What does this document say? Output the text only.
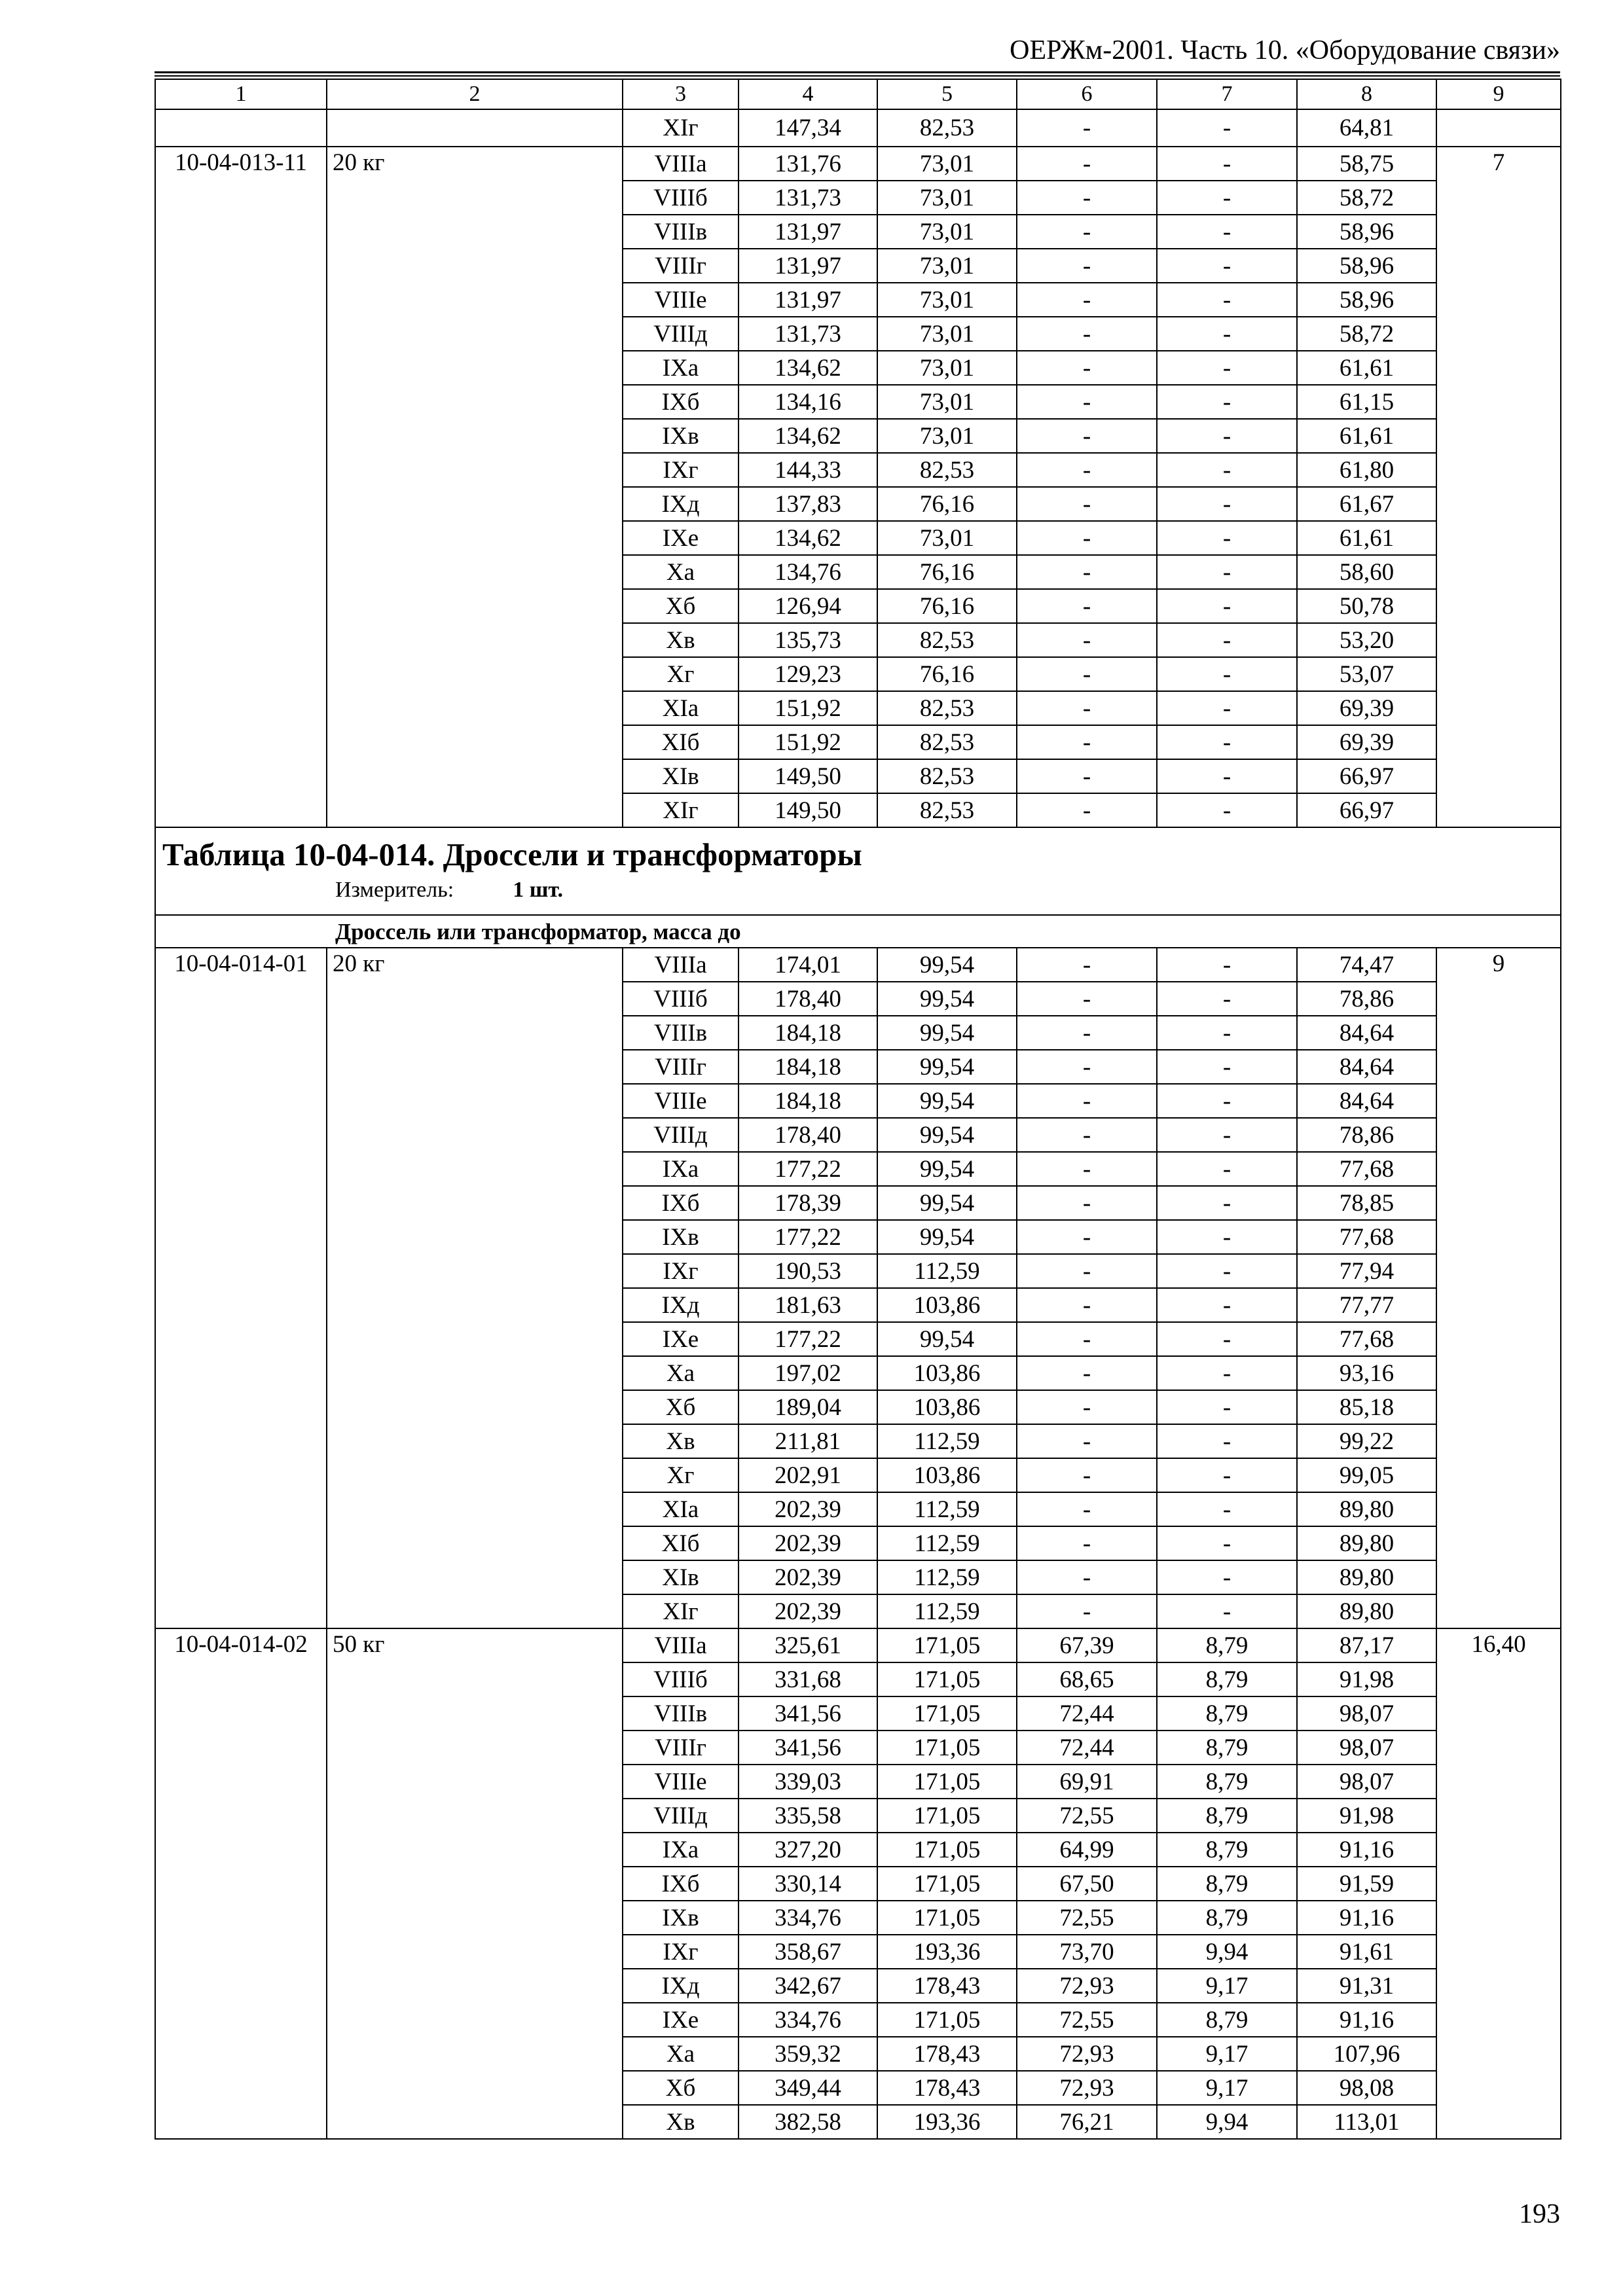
ОЕРЖм-2001. Часть 10. «Оборудование связи»
1	2	3	4	5	6	7	8	9
		XIг	147,34	82,53	-	-	64,81	
10-04-013-11	20 кг	VIIIа	131,76	73,01	-	-	58,75	7
		VIIIб	131,73	73,01	-	-	58,72	
		VIIIв	131,97	73,01	-	-	58,96	
		VIIIг	131,97	73,01	-	-	58,96	
		VIIIе	131,97	73,01	-	-	58,96	
		VIIIд	131,73	73,01	-	-	58,72	
		IXа	134,62	73,01	-	-	61,61	
		IXб	134,16	73,01	-	-	61,15	
		IXв	134,62	73,01	-	-	61,61	
		IXг	144,33	82,53	-	-	61,80	
		IXд	137,83	76,16	-	-	61,67	
		IXе	134,62	73,01	-	-	61,61	
		Xа	134,76	76,16	-	-	58,60	
		Xб	126,94	76,16	-	-	50,78	
		Xв	135,73	82,53	-	-	53,20	
		Xг	129,23	76,16	-	-	53,07	
		XIа	151,92	82,53	-	-	69,39	
		XIб	151,92	82,53	-	-	69,39	
		XIв	149,50	82,53	-	-	66,97	
		XIг	149,50	82,53	-	-	66,97	

Таблица 10-04-014. Дроссели и трансформаторы
Измеритель: 1 шт.								

Дроссель или трансформатор, масса до								
10-04-014-01	20 кг	VIIIа	174,01	99,54	-	-	74,47	9
		VIIIб	178,40	99,54	-	-	78,86	
		VIIIв	184,18	99,54	-	-	84,64	
		VIIIг	184,18	99,54	-	-	84,64	
		VIIIе	184,18	99,54	-	-	84,64	
		VIIIд	178,40	99,54	-	-	78,86	
		IXа	177,22	99,54	-	-	77,68	
		IXб	178,39	99,54	-	-	78,85	
		IXв	177,22	99,54	-	-	77,68	
		IXг	190,53	112,59	-	-	77,94	
		IXд	181,63	103,86	-	-	77,77	
		IXе	177,22	99,54	-	-	77,68	
		Xа	197,02	103,86	-	-	93,16	
		Xб	189,04	103,86	-	-	85,18	
		Xв	211,81	112,59	-	-	99,22	
		Xг	202,91	103,86	-	-	99,05	
		XIа	202,39	112,59	-	-	89,80	
		XIб	202,39	112,59	-	-	89,80	
		XIв	202,39	112,59	-	-	89,80	
		XIг	202,39	112,59	-	-	89,80	
10-04-014-02	50 кг	VIIIа	325,61	171,05	67,39	8,79	87,17	16,40
		VIIIб	331,68	171,05	68,65	8,79	91,98	
		VIIIв	341,56	171,05	72,44	8,79	98,07	
		VIIIг	341,56	171,05	72,44	8,79	98,07	
		VIIIе	339,03	171,05	69,91	8,79	98,07	
		VIIIд	335,58	171,05	72,55	8,79	91,98	
		IXа	327,20	171,05	64,99	8,79	91,16	
		IXб	330,14	171,05	67,50	8,79	91,59	
		IXв	334,76	171,05	72,55	8,79	91,16	
		IXг	358,67	193,36	73,70	9,94	91,61	
		IXд	342,67	178,43	72,93	9,17	91,31	
		IXе	334,76	171,05	72,55	8,79	91,16	
		Xа	359,32	178,43	72,93	9,17	107,96	
		Xб	349,44	178,43	72,93	9,17	98,08	
		Xв	382,58	193,36	76,21	9,94	113,01	
193
